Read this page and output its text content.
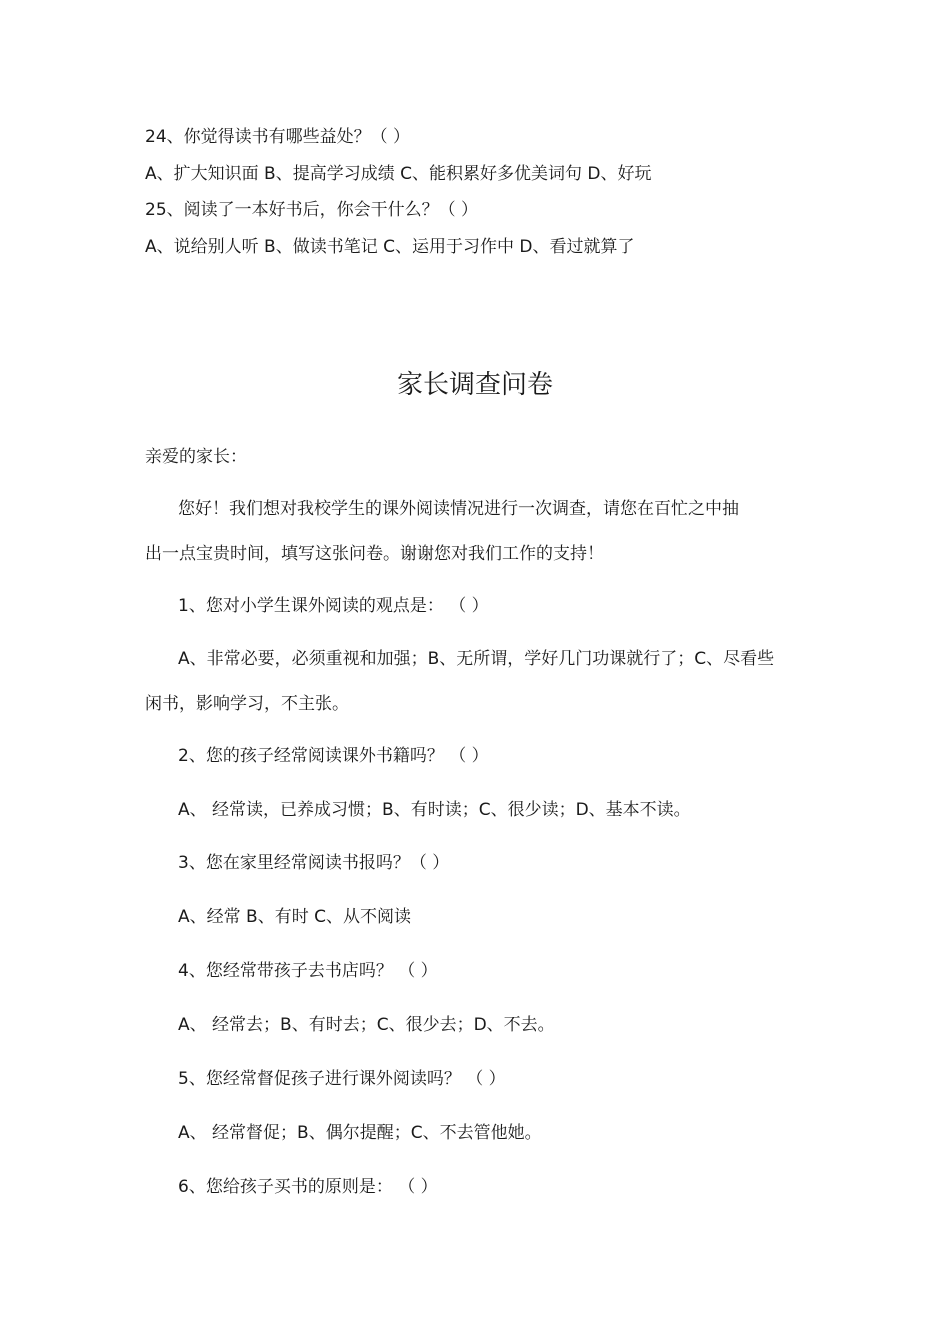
24、你觉得读书有哪些益处？（ ）
A、扩大知识面 B、提高学习成绩 C、能积累好多优美词句 D、好玩
25、阅读了一本好书后，你会干什么？（ ）
A、说给别人听 B、做读书笔记 C、运用于习作中 D、看过就算了
家长调查问卷
亲爱的家长：
您好！我们想对我校学生的课外阅读情况进行一次调查，请您在百忙之中抽
出一点宝贵时间，填写这张问卷。谢谢您对我们工作的支持！
1、您对小学生课外阅读的观点是： （ ）
A、非常必要，必须重视和加强；B、无所谓，学好几门功课就行了；C、尽看些
闲书，影响学习，不主张。
2、您的孩子经常阅读课外书籍吗？ （ ）
A、 经常读，已养成习惯；B、有时读；C、很少读；D、基本不读。
3、您在家里经常阅读书报吗？（ ）
A、经常 B、有时 C、从不阅读
4、您经常带孩子去书店吗？ （ ）
A、 经常去；B、有时去；C、很少去；D、不去。
5、您经常督促孩子进行课外阅读吗？ （ ）
A、 经常督促；B、偶尔提醒；C、不去管他她。
6、您给孩子买书的原则是： （ ）
